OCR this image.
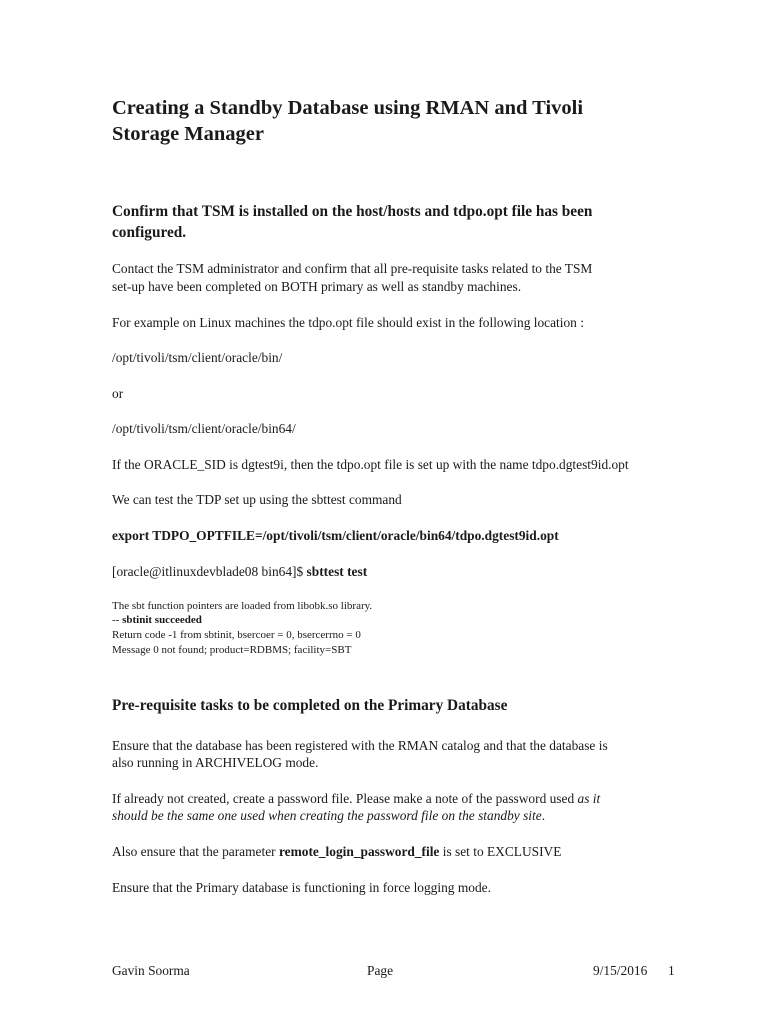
Creating a Standby Database using RMAN and Tivoli
Storage Manager
Confirm that TSM is installed on the host/hosts and tdpo.opt file has been
configured.

Contact the TSM administrator and confirm that all pre-requisite tasks related to the TSM

set-up have been completed on BOTH primary as well as standby machines.

For example on Linux machines the tdpo.opt file should exist in the following location :

/opt/tivoli/tsm/client/oracle/bin/

or

/opt/tivoli/tsm/client/oracle/bin64/

If the ORACLE_SID is dgtest9i, then the tdpo.opt file is set up with the name tdpo.dgtest9id.opt

We can test the TDP set up using the sbttest command

export TDPO_OPTFILE=/opt/tivoli/tsm/client/oracle/bin64/tdpo.dgtest9id.opt

[oracle@itlinuxdevblade08 bin64]$ sbttest test

The sbt function pointers are loaded from libobk.so library.

-- sbtinit succeeded

Return code -1 from sbtinit, bsercoer = 0, bsercerrno = 0

Message 0 not found; product=RDBMS; facility=SBT

Pre-requisite tasks to be completed on the Primary Database

Ensure that the database has been registered with the RMAN catalog and that the database is

also running in ARCHIVELOG mode.

If already not created, create a password file. Please make a note of the password used as it

should be the same one used when creating the password file on the standby site.

Also ensure that the parameter remote_login_password_file is set to EXCLUSIVE

Ensure that the Primary database is functioning in force logging mode.

Gavin Soorma	Page	9/15/2016 1
